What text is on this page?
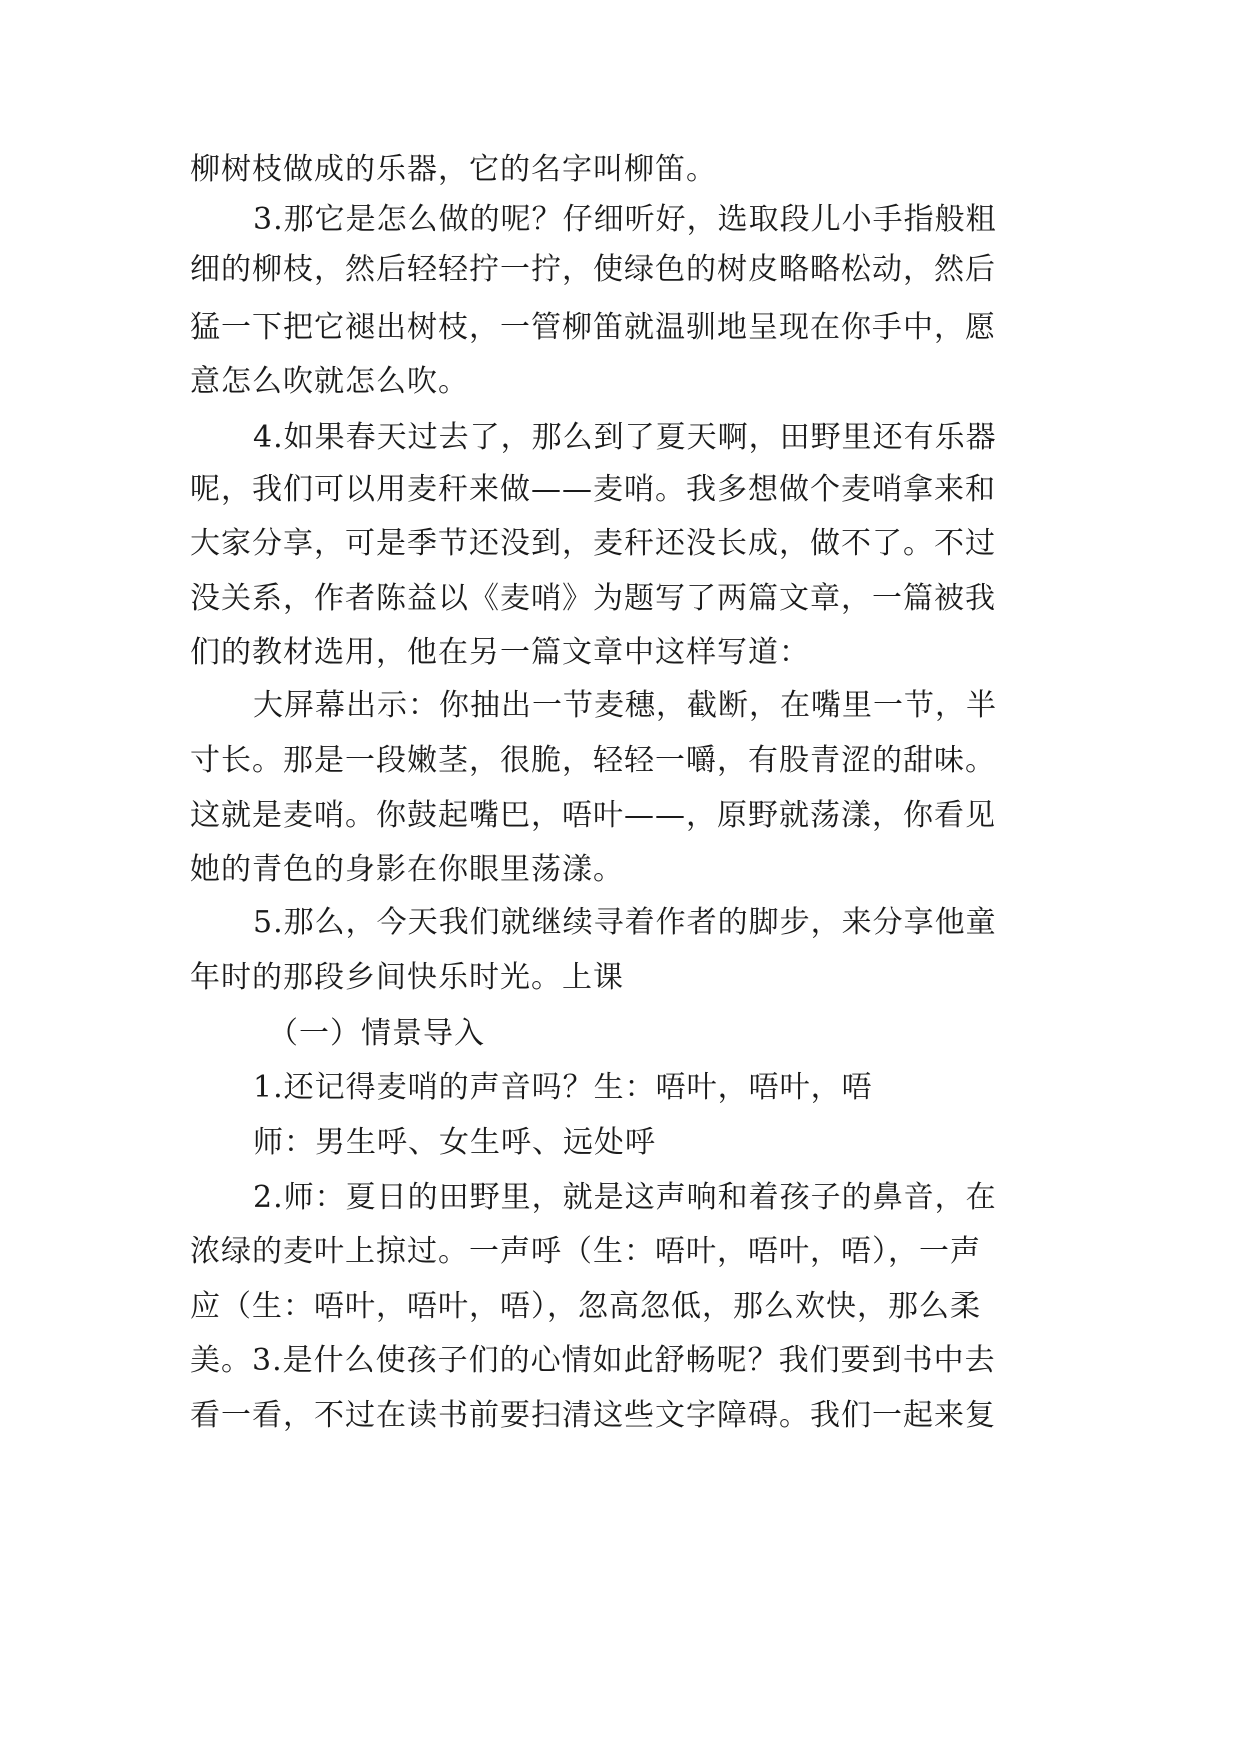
柳树枝做成的乐器，它的名字叫柳笛。
3.那它是怎么做的呢？仔细听好，选取段儿小手指般粗
细的柳枝，然后轻轻拧一拧，使绿色的树皮略略松动，然后
猛一下把它褪出树枝，一管柳笛就温驯地呈现在你手中，愿
意怎么吹就怎么吹。
4.如果春天过去了，那么到了夏天啊，田野里还有乐器
呢，我们可以用麦秆来做——麦哨。我多想做个麦哨拿来和
大家分享，可是季节还没到，麦秆还没长成，做不了。不过
没关系，作者陈益以《麦哨》为题写了两篇文章，一篇被我
们的教材选用，他在另一篇文章中这样写道：
大屏幕出示：你抽出一节麦穗，截断，在嘴里一节，半
寸长。那是一段嫩茎，很脆，轻轻一嚼，有股青涩的甜味。
这就是麦哨。你鼓起嘴巴，唔叶——，原野就荡漾，你看见
她的青色的身影在你眼里荡漾。
5.那么，今天我们就继续寻着作者的脚步，来分享他童
年时的那段乡间快乐时光。上课
（一）情景导入
1.还记得麦哨的声音吗？生：唔叶，唔叶，唔
师：男生呼、女生呼、远处呼
2.师：夏日的田野里，就是这声响和着孩子的鼻音，在
浓绿的麦叶上掠过。一声呼（生：唔叶，唔叶，唔），一声
应（生：唔叶，唔叶，唔），忽高忽低，那么欢快，那么柔
美。3.是什么使孩子们的心情如此舒畅呢？我们要到书中去
看一看，不过在读书前要扫清这些文字障碍。我们一起来复
